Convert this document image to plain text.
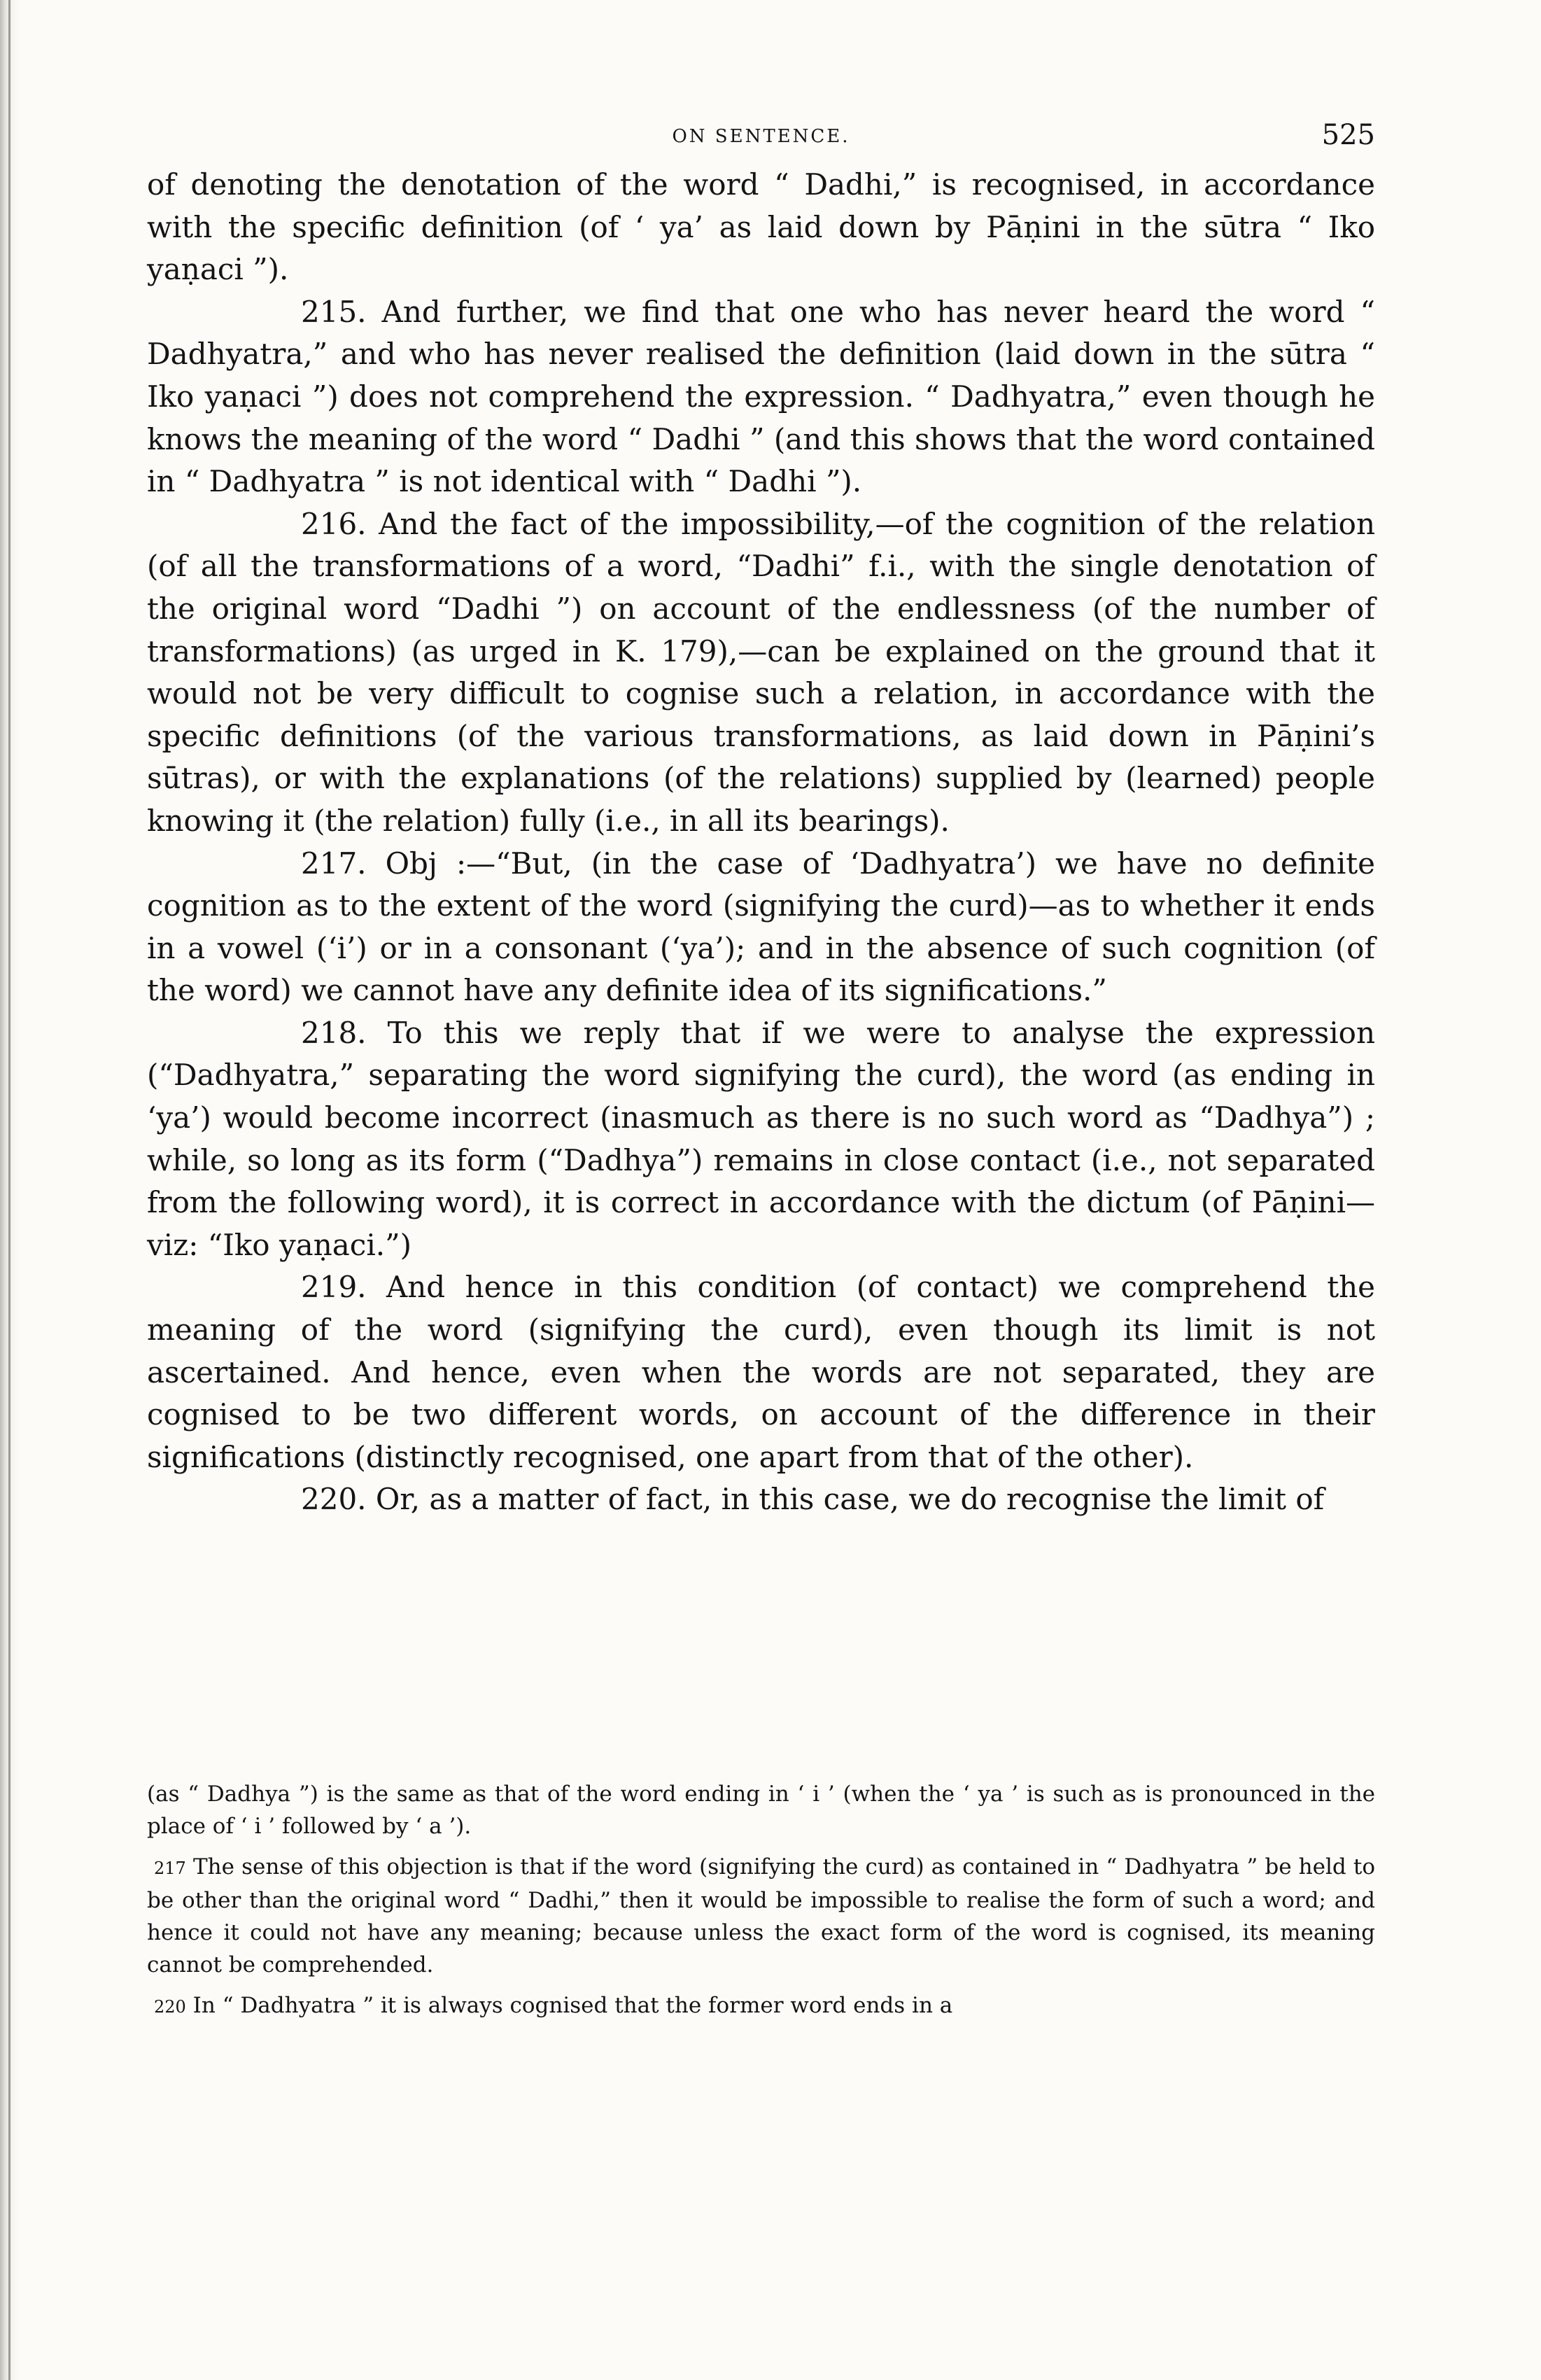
ON SENTENCE.	525

of denoting the denotation of the word “ Dadhi,” is recognised, in accordance with the specific definition (of ‘ ya’ as laid down by Pāṇini in the sūtra “ Iko yaṇaci ”).

215. And further, we find that one who has never heard the word “ Dadhyatra,” and who has never realised the definition (laid down in the sūtra “ Iko yaṇaci ”) does not comprehend the expression. “ Dadhyatra,” even though he knows the meaning of the word “ Dadhi ” (and this shows that the word contained in “ Dadhyatra ” is not identical with “ Dadhi ”).

216. And the fact of the impossibility,—of the cognition of the relation (of all the transformations of a word, “Dadhi” f.i., with the single denotation of the original word “Dadhi ”) on account of the endlessness (of the number of transformations) (as urged in K. 179),—can be explained on the ground that it would not be very difficult to cognise such a relation, in accordance with the specific definitions (of the various transformations, as laid down in Pāṇini’s sūtras), or with the explanations (of the relations) supplied by (learned) people knowing it (the relation) fully (i.e., in all its bearings).

217. Obj :—“But, (in the case of ‘Dadhyatra’) we have no definite cognition as to the extent of the word (signifying the curd)—as to whether it ends in a vowel (‘i’) or in a consonant (‘ya’); and in the absence of such cognition (of the word) we cannot have any definite idea of its significations.”

218. To this we reply that if we were to analyse the expression (“Dadhyatra,” separating the word signifying the curd), the word (as ending in ‘ya’) would become incorrect (inasmuch as there is no such word as “Dadhya”) ; while, so long as its form (“Dadhya”) remains in close contact (i.e., not separated from the following word), it is correct in accordance with the dictum (of Pāṇini—viz: “Iko yaṇaci.”)

219. And hence in this condition (of contact) we comprehend the meaning of the word (signifying the curd), even though its limit is not ascertained. And hence, even when the words are not separated, they are cognised to be two different words, on account of the difference in their significations (distinctly recognised, one apart from that of the other).

220. Or, as a matter of fact, in this case, we do recognise the limit of

(as “ Dadhya ”) is the same as that of the word ending in ‘ i ’ (when the ‘ ya ’ is such as is pronounced in the place of ‘ i ’ followed by ‘ a ’).

217 The sense of this objection is that if the word (signifying the curd) as contained in “ Dadhyatra ” be held to be other than the original word “ Dadhi,” then it would be impossible to realise the form of such a word; and hence it could not have any meaning; because unless the exact form of the word is cognised, its meaning cannot be comprehended.

220 In “ Dadhyatra ” it is always cognised that the former word ends in a
